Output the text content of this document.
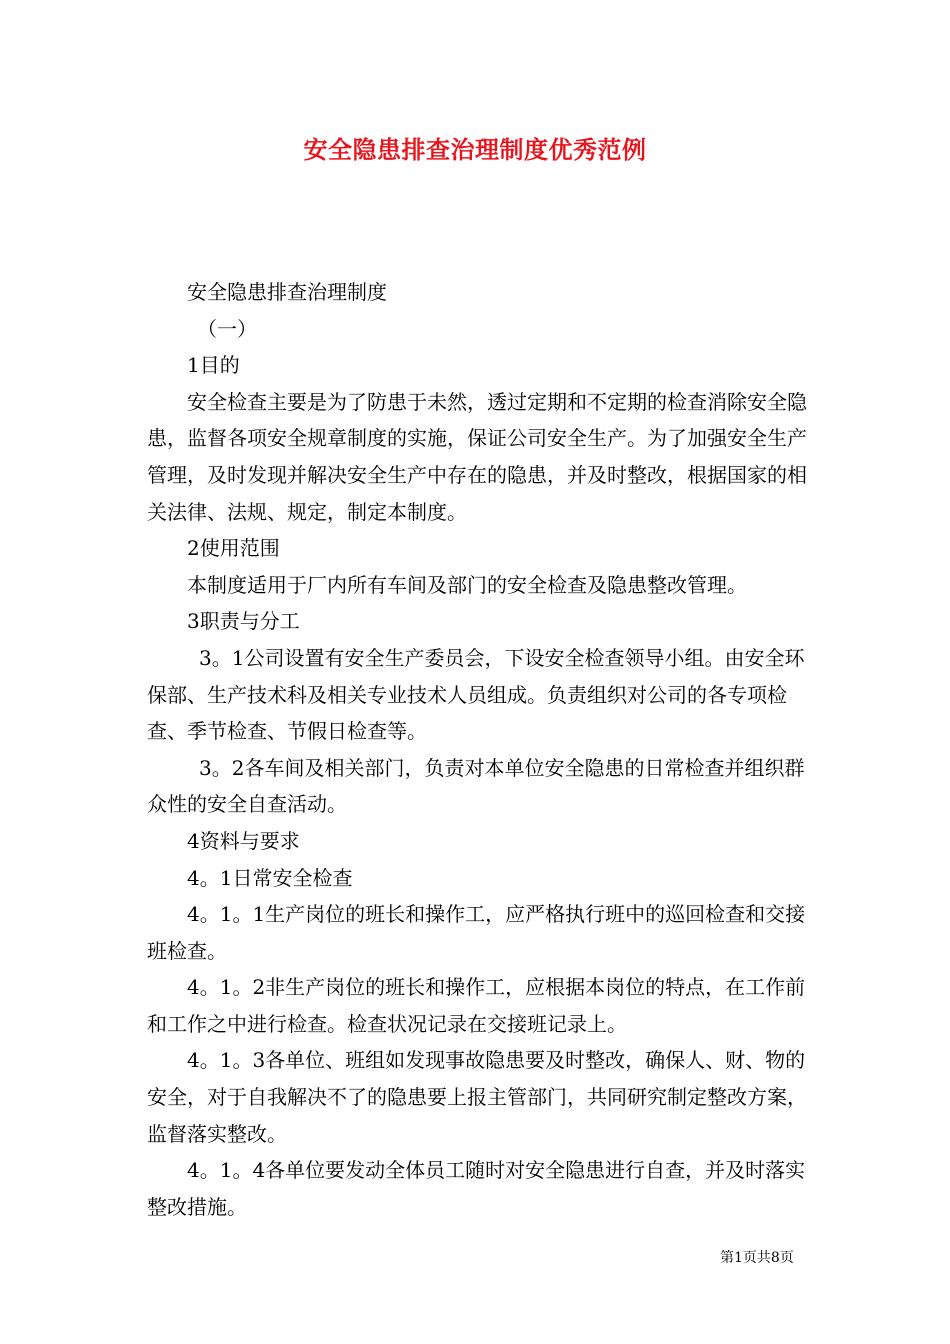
安全隐患排查治理制度优秀范例

安全隐患排查治理制度

（一）

1目的

安全检查主要是为了防患于未然，透过定期和不定期的检查消除安全隐患，监督各项安全规章制度的实施，保证公司安全生产。为了加强安全生产管理，及时发现并解决安全生产中存在的隐患，并及时整改，根据国家的相关法律、法规、规定，制定本制度。

2使用范围

本制度适用于厂内所有车间及部门的安全检查及隐患整改管理。

3职责与分工

3。1公司设置有安全生产委员会，下设安全检查领导小组。由安全环保部、生产技术科及相关专业技术人员组成。负责组织对公司的各专项检查、季节检查、节假日检查等。

3。2各车间及相关部门，负责对本单位安全隐患的日常检查并组织群众性的安全自查活动。

4资料与要求

4。1日常安全检查

4。1。1生产岗位的班长和操作工，应严格执行班中的巡回检查和交接班检查。

4。1。2非生产岗位的班长和操作工，应根据本岗位的特点，在工作前和工作之中进行检查。检查状况记录在交接班记录上。

4。1。3各单位、班组如发现事故隐患要及时整改，确保人、财、物的安全，对于自我解决不了的隐患要上报主管部门，共同研究制定整改方案，监督落实整改。

4。1。4各单位要发动全体员工随时对安全隐患进行自查，并及时落实整改措施。

第1页共8页
